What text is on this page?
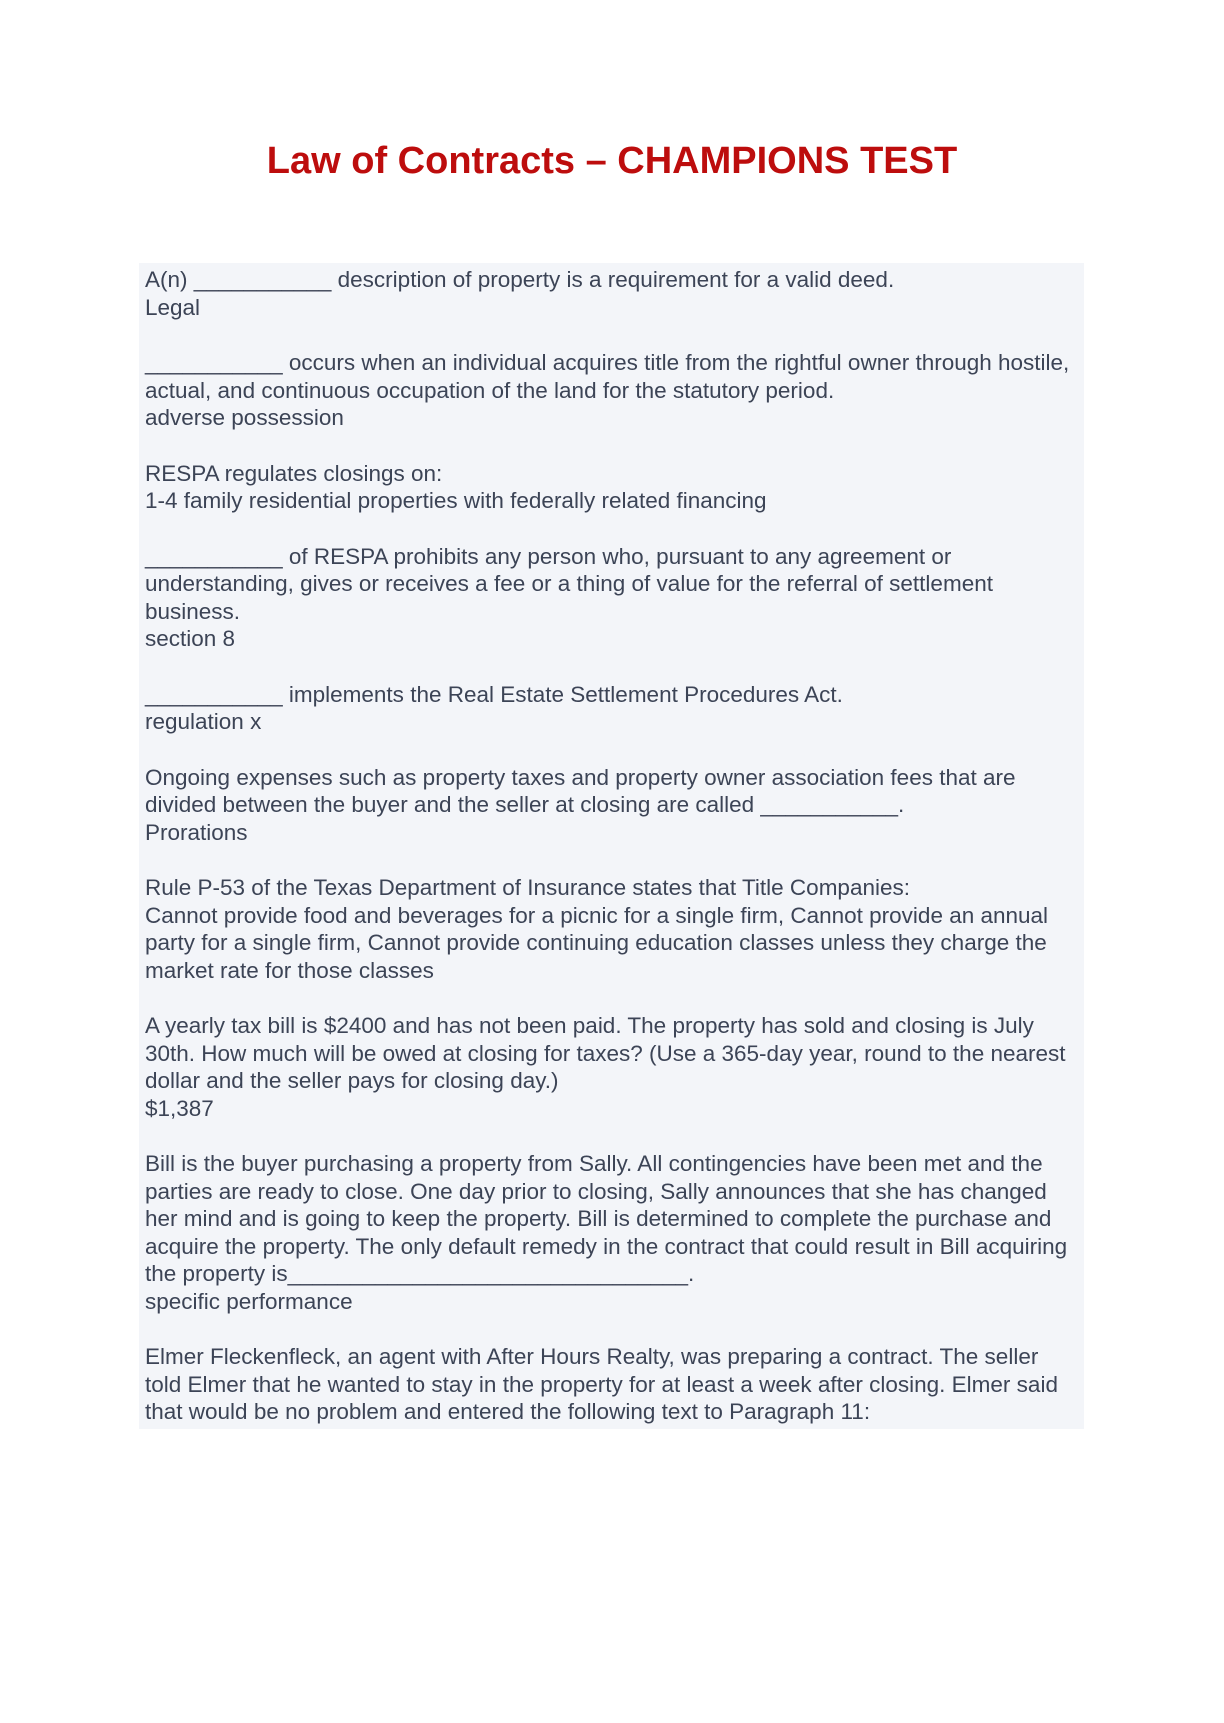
Law of Contracts – CHAMPIONS TEST

A(n) ___________ description of property is a requirement for a valid deed.
Legal

___________ occurs when an individual acquires title from the rightful owner through hostile, actual, and continuous occupation of the land for the statutory period.
adverse possession

RESPA regulates closings on:
1-4 family residential properties with federally related financing

___________ of RESPA prohibits any person who, pursuant to any agreement or understanding, gives or receives a fee or a thing of value for the referral of settlement business.
section 8

___________ implements the Real Estate Settlement Procedures Act.
regulation x

Ongoing expenses such as property taxes and property owner association fees that are divided between the buyer and the seller at closing are called ___________.
Prorations

Rule P-53 of the Texas Department of Insurance states that Title Companies:
Cannot provide food and beverages for a picnic for a single firm, Cannot provide an annual party for a single firm, Cannot provide continuing education classes unless they charge the market rate for those classes

A yearly tax bill is $2400 and has not been paid. The property has sold and closing is July 30th. How much will be owed at closing for taxes? (Use a 365-day year, round to the nearest dollar and the seller pays for closing day.)
$1,387

Bill is the buyer purchasing a property from Sally. All contingencies have been met and the parties are ready to close. One day prior to closing, Sally announces that she has changed her mind and is going to keep the property. Bill is determined to complete the purchase and acquire the property. The only default remedy in the contract that could result in Bill acquiring the property is________________________________.
specific performance

Elmer Fleckenfleck, an agent with After Hours Realty, was preparing a contract. The seller told Elmer that he wanted to stay in the property for at least a week after closing. Elmer said that would be no problem and entered the following text to Paragraph 11:
